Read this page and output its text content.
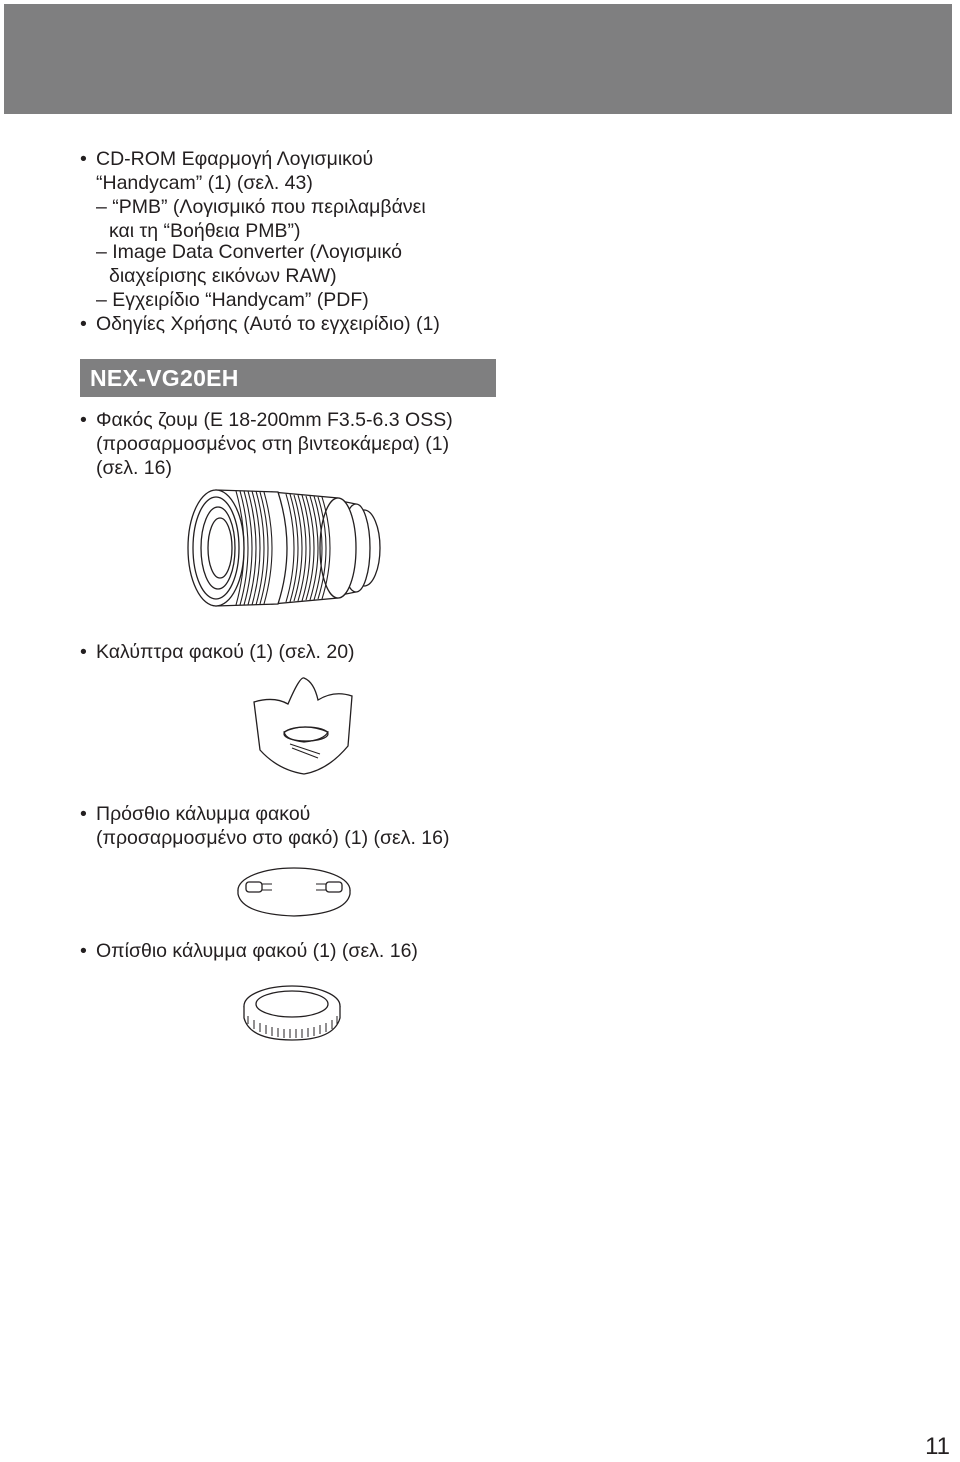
• CD-ROM Εφαρμογή Λογισμικού

“Handycam” (1) (σελ. 43)

– “PMB” (Λογισμικό που περιλαμβάνει

και τη “Βοήθεια PMB”)

– Image Data Converter (Λογισμικό

διαχείρισης εικόνων RAW)

– Εγχειρίδιο “Handycam” (PDF)

• Οδηγίες Χρήσης (Αυτό το εγχειρίδιο) (1)

NEX-VG20EH
• Φακός ζουμ (E 18-200mm F3.5-6.3 OSS)

(προσαρμοσμένος στη βιντεοκάμερα) (1)

(σελ. 16)

• Καλύπτρα φακού (1) (σελ. 20)

• Πρόσθιο κάλυμμα φακού

(προσαρμοσμένο στο φακό) (1) (σελ. 16)

• Οπίσθιο κάλυμμα φακού (1) (σελ. 16)

11
